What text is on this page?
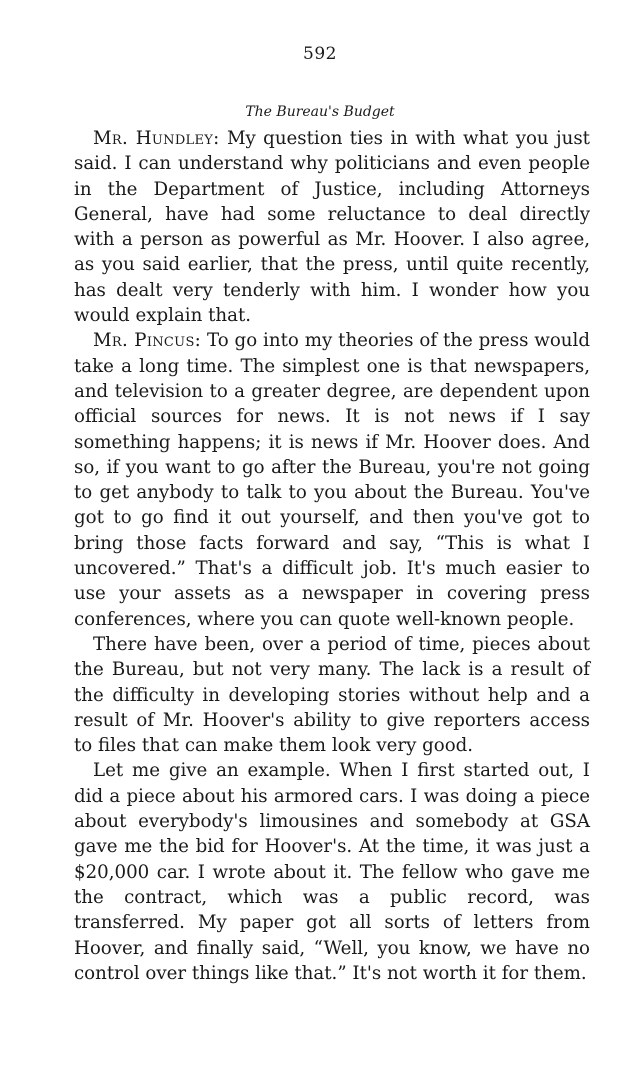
592
The Bureau's Budget

Mr. Hundley: My question ties in with what you just said. I can understand why politicians and even people in the Department of Justice, including Attorneys General, have had some reluctance to deal directly with a person as powerful as Mr. Hoover. I also agree, as you said earlier, that the press, until quite recently, has dealt very tenderly with him. I wonder how you would explain that.

Mr. Pincus: To go into my theories of the press would take a long time. The simplest one is that newspapers, and television to a greater degree, are dependent upon official sources for news. It is not news if I say something happens; it is news if Mr. Hoover does. And so, if you want to go after the Bureau, you're not going to get anybody to talk to you about the Bureau. You've got to go find it out yourself, and then you've got to bring those facts forward and say, “This is what I uncovered.” That's a difficult job. It's much easier to use your assets as a newspaper in covering press conferences, where you can quote well-known people.

There have been, over a period of time, pieces about the Bureau, but not very many. The lack is a result of the difficulty in developing stories without help and a result of Mr. Hoover's ability to give reporters access to files that can make them look very good.

Let me give an example. When I first started out, I did a piece about his armored cars. I was doing a piece about everybody's limousines and somebody at GSA gave me the bid for Hoover's. At the time, it was just a $20,000 car. I wrote about it. The fellow who gave me the contract, which was a public record, was transferred. My paper got all sorts of letters from Hoover, and finally said, “Well, you know, we have no control over things like that.” It's not worth it for them.
